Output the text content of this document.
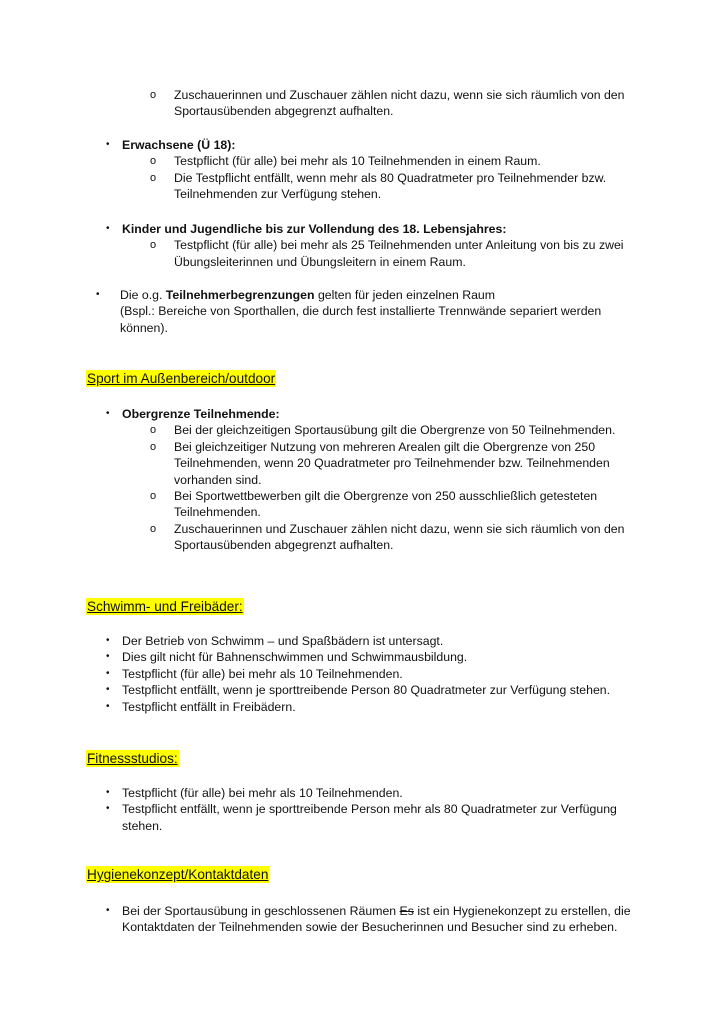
o Zuschauerinnen und Zuschauer zählen nicht dazu, wenn sie sich räumlich von den
Sportausübenden abgegrenzt aufhalten.
• Erwachsene (Ü 18):
o Testpflicht (für alle) bei mehr als 10 Teilnehmenden in einem Raum.
o Die Testpflicht entfällt, wenn mehr als 80 Quadratmeter pro Teilnehmender bzw.
Teilnehmenden zur Verfügung stehen.
• Kinder und Jugendliche bis zur Vollendung des 18. Lebensjahres:
o Testpflicht (für alle) bei mehr als 25 Teilnehmenden unter Anleitung von bis zu zwei
Übungsleiterinnen und Übungsleitern in einem Raum.
• Die o.g. Teilnehmerbegrenzungen gelten für jeden einzelnen Raum
(Bspl.: Bereiche von Sporthallen, die durch fest installierte Trennwände separiert werden
können).
Sport im Außenbereich/outdoor
• Obergrenze Teilnehmende:
o Bei der gleichzeitigen Sportausübung gilt die Obergrenze von 50 Teilnehmenden.
o Bei gleichzeitiger Nutzung von mehreren Arealen gilt die Obergrenze von 250
Teilnehmenden, wenn 20 Quadratmeter pro Teilnehmender bzw. Teilnehmenden
vorhanden sind.
o Bei Sportwettbewerben gilt die Obergrenze von 250 ausschließlich getesteten
Teilnehmenden.
o Zuschauerinnen und Zuschauer zählen nicht dazu, wenn sie sich räumlich von den
Sportausübenden abgegrenzt aufhalten.
Schwimm- und Freibäder:
• Der Betrieb von Schwimm – und Spaßbädern ist untersagt.
• Dies gilt nicht für Bahnenschwimmen und Schwimmausbildung.
• Testpflicht (für alle) bei mehr als 10 Teilnehmenden.
• Testpflicht entfällt, wenn je sporttreibende Person 80 Quadratmeter zur Verfügung stehen.
• Testpflicht entfällt in Freibädern.
Fitnessstudios:
• Testpflicht (für alle) bei mehr als 10 Teilnehmenden.
• Testpflicht entfällt, wenn je sporttreibende Person mehr als 80 Quadratmeter zur Verfügung
stehen.
Hygienekonzept/Kontaktdaten
• Bei der Sportausübung in geschlossenen Räumen Es ist ein Hygienekonzept zu erstellen, die
Kontaktdaten der Teilnehmenden sowie der Besucherinnen und Besucher sind zu erheben.
